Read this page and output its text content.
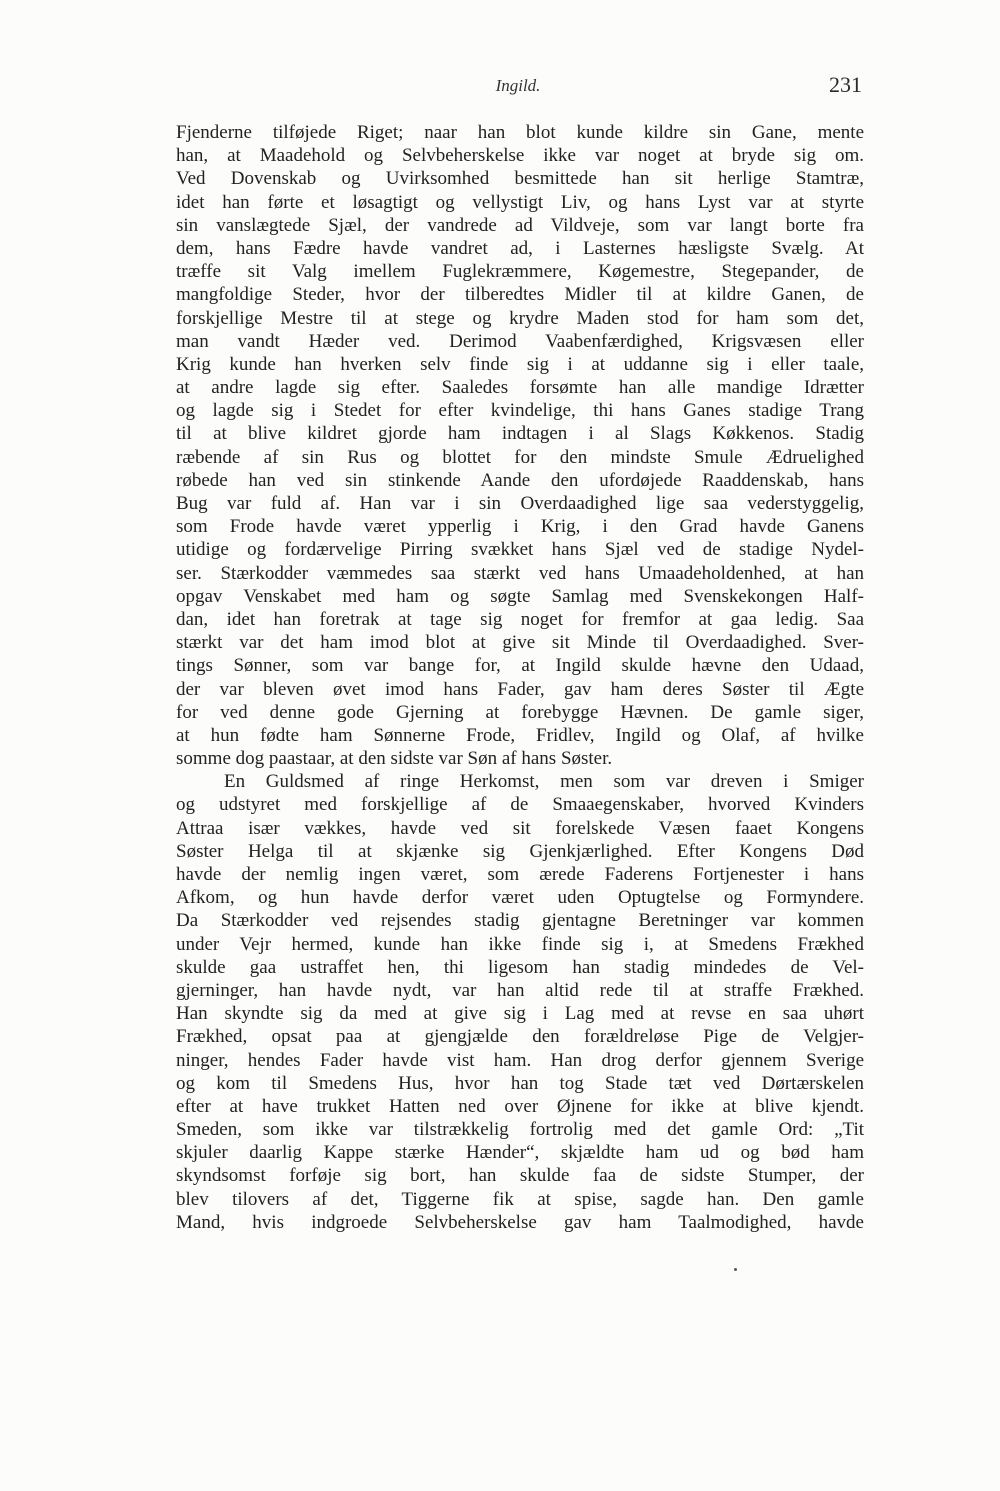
Ingild.	231
Fjenderne tilføjede Riget; naar han blot kunde kildre sin Gane, mente
han, at Maadehold og Selvbeherskelse ikke var noget at bryde sig om.
Ved Dovenskab og Uvirksomhed besmittede han sit herlige Stamtræ,
idet han førte et løsagtigt og vellystigt Liv, og hans Lyst var at styrte
sin vanslægtede Sjæl, der vandrede ad Vildveje, som var langt borte fra
dem, hans Fædre havde vandret ad, i Lasternes hæsligste Svælg. At
træffe sit Valg imellem Fuglekræmmere, Køgemestre, Stegepander, de
mangfoldige Steder, hvor der tilberedtes Midler til at kildre Ganen, de
forskjellige Mestre til at stege og krydre Maden stod for ham som det,
man vandt Hæder ved. Derimod Vaabenfærdighed, Krigsvæsen eller
Krig kunde han hverken selv finde sig i at uddanne sig i eller taale,
at andre lagde sig efter. Saaledes forsømte han alle mandige Idrætter
og lagde sig i Stedet for efter kvindelige, thi hans Ganes stadige Trang
til at blive kildret gjorde ham indtagen i al Slags Køkkenos. Stadig
ræbende af sin Rus og blottet for den mindste Smule Ædruelighed
røbede han ved sin stinkende Aande den ufordøjede Raaddenskab, hans
Bug var fuld af. Han var i sin Overdaadighed lige saa vederstyggelig,
som Frode havde været ypperlig i Krig, i den Grad havde Ganens
utidige og fordærvelige Pirring svækket hans Sjæl ved de stadige Nydel-
ser. Stærkodder væmmedes saa stærkt ved hans Umaadeholdenhed, at han
opgav Venskabet med ham og søgte Samlag med Svenskekongen Half-
dan, idet han foretrak at tage sig noget for fremfor at gaa ledig. Saa
stærkt var det ham imod blot at give sit Minde til Overdaadighed. Sver-
tings Sønner, som var bange for, at Ingild skulde hævne den Udaad,
der var bleven øvet imod hans Fader, gav ham deres Søster til Ægte
for ved denne gode Gjerning at forebygge Hævnen. De gamle siger,
at hun fødte ham Sønnerne Frode, Fridlev, Ingild og Olaf, af hvilke
somme dog paastaar, at den sidste var Søn af hans Søster.
En Guldsmed af ringe Herkomst, men som var dreven i Smiger
og udstyret med forskjellige af de Smaaegenskaber, hvorved Kvinders
Attraa især vækkes, havde ved sit forelskede Væsen faaet Kongens
Søster Helga til at skjænke sig Gjenkjærlighed. Efter Kongens Død
havde der nemlig ingen været, som ærede Faderens Fortjenester i hans
Afkom, og hun havde derfor været uden Optugtelse og Formyndere.
Da Stærkodder ved rejsendes stadig gjentagne Beretninger var kommen
under Vejr hermed, kunde han ikke finde sig i, at Smedens Frækhed
skulde gaa ustraffet hen, thi ligesom han stadig mindedes de Vel-
gjerninger, han havde nydt, var han altid rede til at straffe Frækhed.
Han skyndte sig da med at give sig i Lag med at revse en saa uhørt
Frækhed, opsat paa at gjengjælde den forældreløse Pige de Velgjer-
ninger, hendes Fader havde vist ham. Han drog derfor gjennem Sverige
og kom til Smedens Hus, hvor han tog Stade tæt ved Dørtærskelen
efter at have trukket Hatten ned over Øjnene for ikke at blive kjendt.
Smeden, som ikke var tilstrækkelig fortrolig med det gamle Ord: „Tit
skjuler daarlig Kappe stærke Hænder“, skjældte ham ud og bød ham
skyndsomst forføje sig bort, han skulde faa de sidste Stumper, der
blev tilovers af det, Tiggerne fik at spise, sagde han. Den gamle
Mand, hvis indgroede Selvbeherskelse gav ham Taalmodighed, havde
